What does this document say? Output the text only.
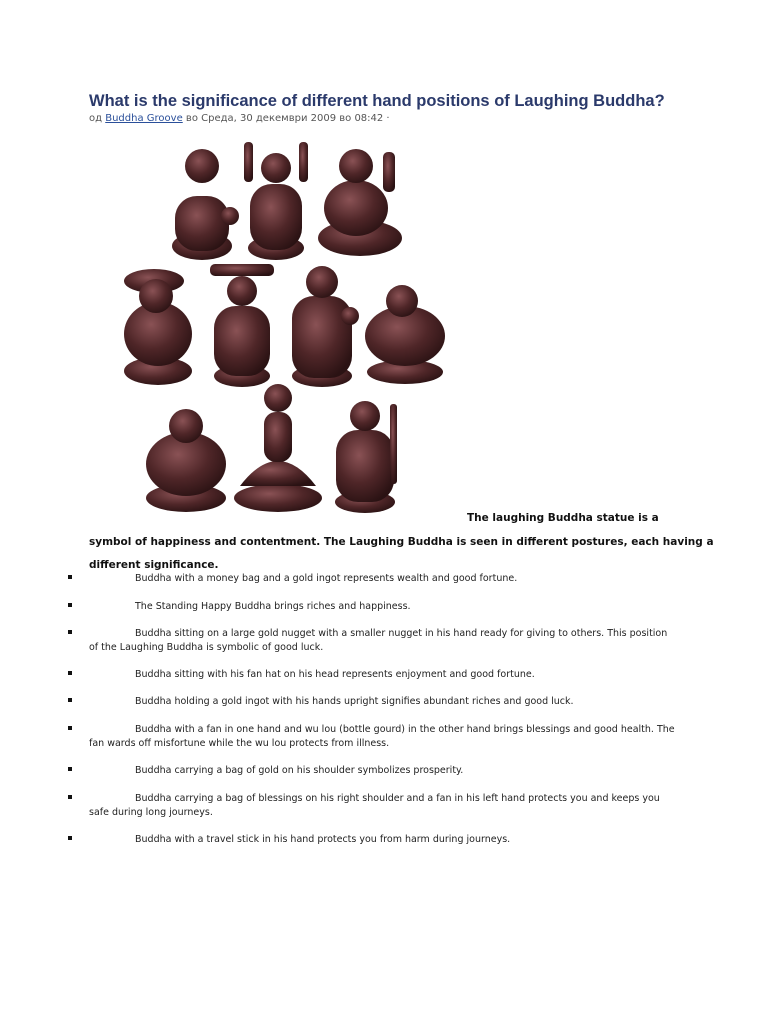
What is the significance of different hand positions of Laughing Buddha?
од Buddha Groove во Среда, 30 декември 2009 во 08:42 ·
The laughing Buddha statue is a
symbol of happiness and contentment. The Laughing Buddha is seen in different postures, each having a
different significance.
Buddha with a money bag and a gold ingot represents wealth and good fortune.
The Standing Happy Buddha brings riches and happiness.
Buddha sitting on a large gold nugget with a smaller nugget in his hand ready for giving to others. This position of the Laughing Buddha is symbolic of good luck.
Buddha sitting with his fan hat on his head represents enjoyment and good fortune.
Buddha holding a gold ingot with his hands upright signifies abundant riches and good luck.
Buddha with a fan in one hand and wu lou (bottle gourd) in the other hand brings blessings and good health. The fan wards off misfortune while the wu lou protects from illness.
Buddha carrying a bag of gold on his shoulder symbolizes prosperity.
Buddha carrying a bag of blessings on his right shoulder and a fan in his left hand protects you and keeps you safe during long journeys.
Buddha with a travel stick in his hand protects you from harm during journeys.
